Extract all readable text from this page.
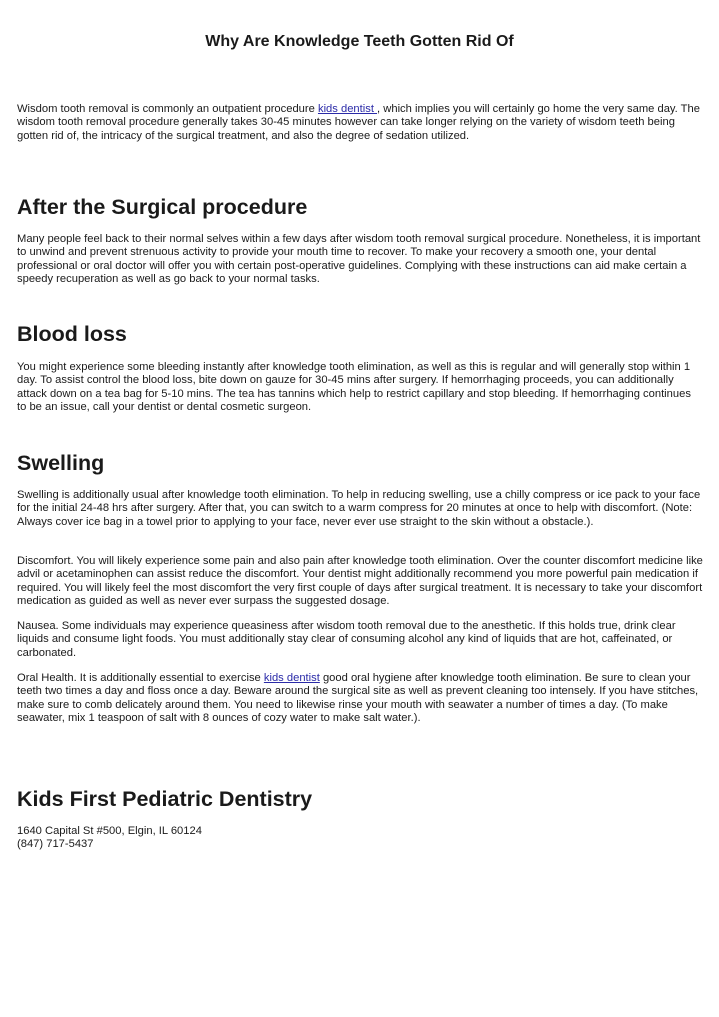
Why Are Knowledge Teeth Gotten Rid Of

Wisdom tooth removal is commonly an outpatient procedure kids dentist , which implies you will certainly go home the very same day. The wisdom tooth removal procedure generally takes 30-45 minutes however can take longer relying on the variety of wisdom teeth being gotten rid of, the intricacy of the surgical treatment, and also the degree of sedation utilized.

After the Surgical procedure

Many people feel back to their normal selves within a few days after wisdom tooth removal surgical procedure. Nonetheless, it is important to unwind and prevent strenuous activity to provide your mouth time to recover. To make your recovery a smooth one, your dental professional or oral doctor will offer you with certain post-operative guidelines. Complying with these instructions can aid make certain a speedy recuperation as well as go back to your normal tasks.

Blood loss

You might experience some bleeding instantly after knowledge tooth elimination, as well as this is regular and will generally stop within 1 day. To assist control the blood loss, bite down on gauze for 30-45 mins after surgery. If hemorrhaging proceeds, you can additionally attack down on a tea bag for 5-10 mins. The tea has tannins which help to restrict capillary and stop bleeding. If hemorrhaging continues to be an issue, call your dentist or dental cosmetic surgeon.

Swelling

Swelling is additionally usual after knowledge tooth elimination. To help in reducing swelling, use a chilly compress or ice pack to your face for the initial 24-48 hrs after surgery. After that, you can switch to a warm compress for 20 minutes at once to help with discomfort. (Note: Always cover ice bag in a towel prior to applying to your face, never ever use straight to the skin without a obstacle.).

Discomfort. You will likely experience some pain and also pain after knowledge tooth elimination. Over the counter discomfort medicine like advil or acetaminophen can assist reduce the discomfort. Your dentist might additionally recommend you more powerful pain medication if required. You will likely feel the most discomfort the very first couple of days after surgical treatment. It is necessary to take your discomfort medication as guided as well as never ever surpass the suggested dosage.

Nausea. Some individuals may experience queasiness after wisdom tooth removal due to the anesthetic. If this holds true, drink clear liquids and consume light foods. You must additionally stay clear of consuming alcohol any kind of liquids that are hot, caffeinated, or carbonated.

Oral Health. It is additionally essential to exercise kids dentist good oral hygiene after knowledge tooth elimination. Be sure to clean your teeth two times a day and floss once a day. Beware around the surgical site as well as prevent cleaning too intensely. If you have stitches, make sure to comb delicately around them. You need to likewise rinse your mouth with seawater a number of times a day. (To make seawater, mix 1 teaspoon of salt with 8 ounces of cozy water to make salt water.).

Kids First Pediatric Dentistry

1640 Capital St #500, Elgin, IL 60124

(847) 717-5437
